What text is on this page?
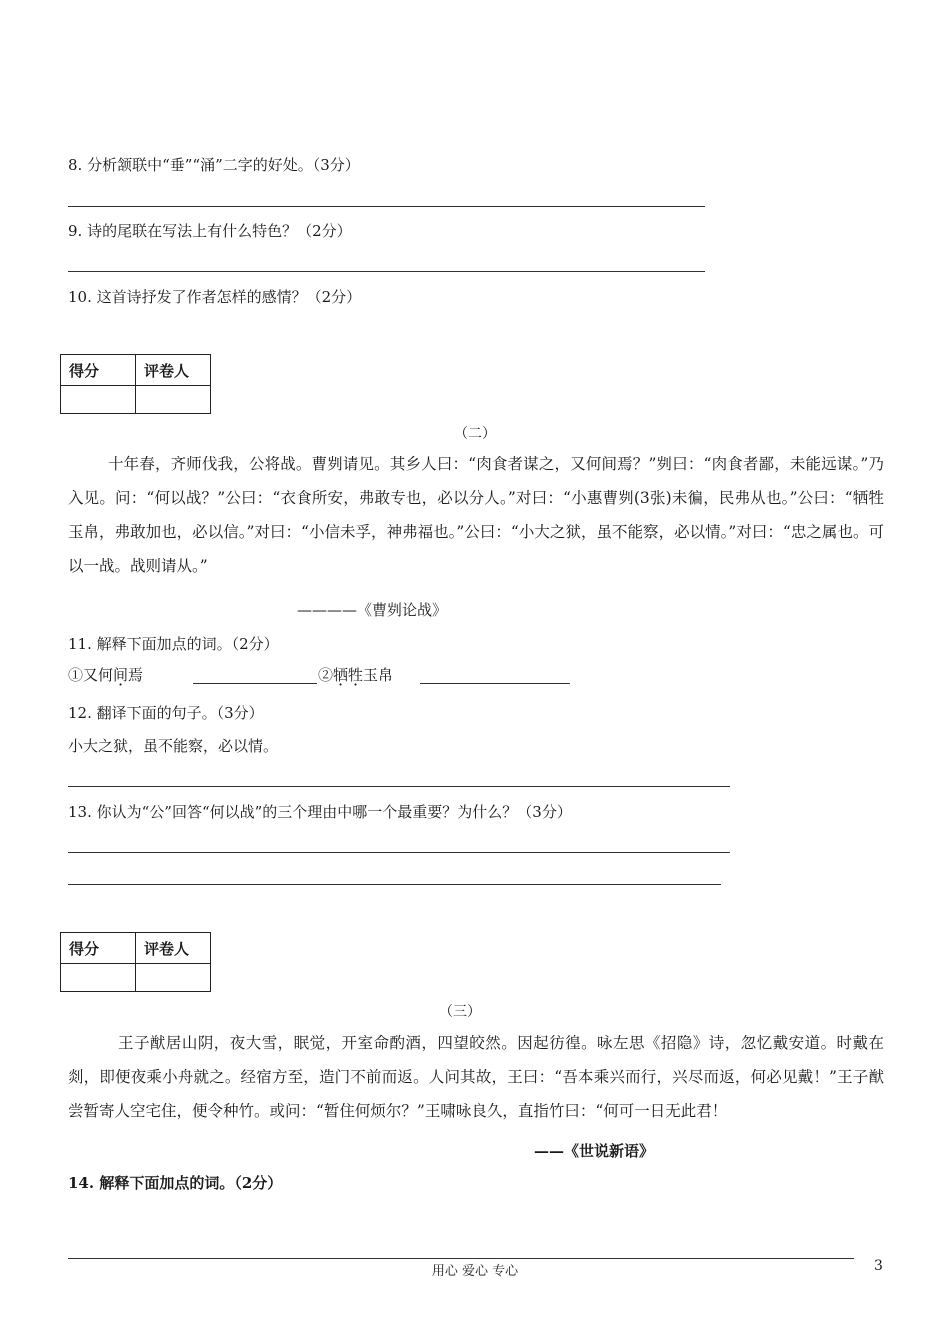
8. 分析颔联中“垂”“涌”二字的好处。（3分）
9. 诗的尾联在写法上有什么特色？（2分）
10. 这首诗抒发了作者怎样的感情？（2分）
得分	评卷人

（二）
十年春，齐师伐我，公将战。曹刿请见。其乡人曰：“肉食者谋之，又何间焉？”刿曰：“肉食者鄙，未能远谋。”乃入见。问：“何以战？”公曰：“衣食所安，弗敢专也，必以分人。”对曰：“小惠曹刿(3张)未徧，民弗从也。”公曰：“牺牲玉帛，弗敢加也，必以信。”对曰：“小信未孚，神弗福也。”公曰：“小大之狱，虽不能察，必以情。”对曰：“忠之属也。可以一战。战则请从。”
————《曹刿论战》
11. 解释下面加点的词。（2分）
①又何间焉	②牺牲玉帛
12. 翻译下面的句子。（3分）
小大之狱，虽不能察，必以情。
13. 你认为“公”回答“何以战”的三个理由中哪一个最重要？为什么？（3分）
得分	评卷人

（三）
王子猷居山阴，夜大雪，眠觉，开室命酌酒，四望皎然。因起彷徨。咏左思《招隐》诗，忽忆戴安道。时戴在剡，即便夜乘小舟就之。经宿方至，造门不前而返。人问其故，王曰：“吾本乘兴而行，兴尽而返，何必见戴！”王子猷尝暂寄人空宅住，便令种竹。或问：“暂住何烦尔？”王啸咏良久，直指竹曰：“何可一日无此君！
——《世说新语》
14. 解释下面加点的词。（2分）
用心 爱心 专心	3
